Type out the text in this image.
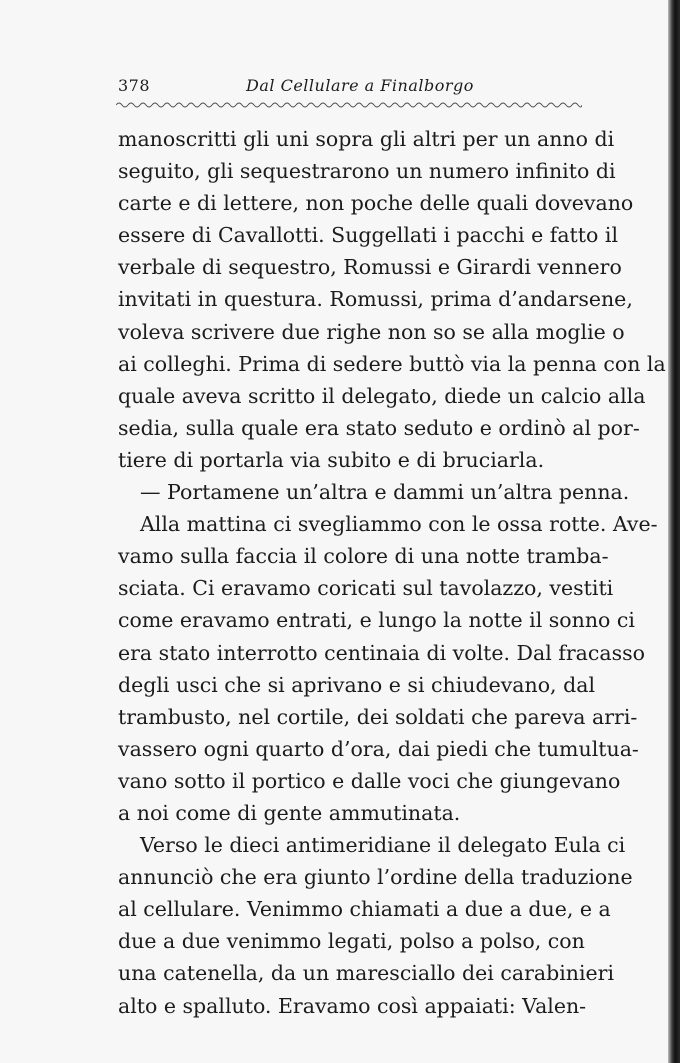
378	Dal Cellulare a Finalborgo
manoscritti gli uni sopra gli altri per un anno di
seguito, gli sequestrarono un numero infinito di
carte e di lettere, non poche delle quali dovevano
essere di Cavallotti. Suggellati i pacchi e fatto il
verbale di sequestro, Romussi e Girardi vennero
invitati in questura. Romussi, prima d’andarsene,
voleva scrivere due righe non so se alla moglie o
ai colleghi. Prima di sedere buttò via la penna con la
quale aveva scritto il delegato, diede un calcio alla
sedia, sulla quale era stato seduto e ordinò al por-
tiere di portarla via subito e di bruciarla.
— Portamene un’altra e dammi un’altra penna.
Alla mattina ci svegliammo con le ossa rotte. Ave-
vamo sulla faccia il colore di una notte tramba-
sciata. Ci eravamo coricati sul tavolazzo, vestiti
come eravamo entrati, e lungo la notte il sonno ci
era stato interrotto centinaia di volte. Dal fracasso
degli usci che si aprivano e si chiudevano, dal
trambusto, nel cortile, dei soldati che pareva arri-
vassero ogni quarto d’ora, dai piedi che tumultua-
vano sotto il portico e dalle voci che giungevano
a noi come di gente ammutinata.
Verso le dieci antimeridiane il delegato Eula ci
annunciò che era giunto l’ordine della traduzione
al cellulare. Venimmo chiamati a due a due, e a
due a due venimmo legati, polso a polso, con
una catenella, da un maresciallo dei carabinieri
alto e spalluto. Eravamo così appaiati: Valen-
